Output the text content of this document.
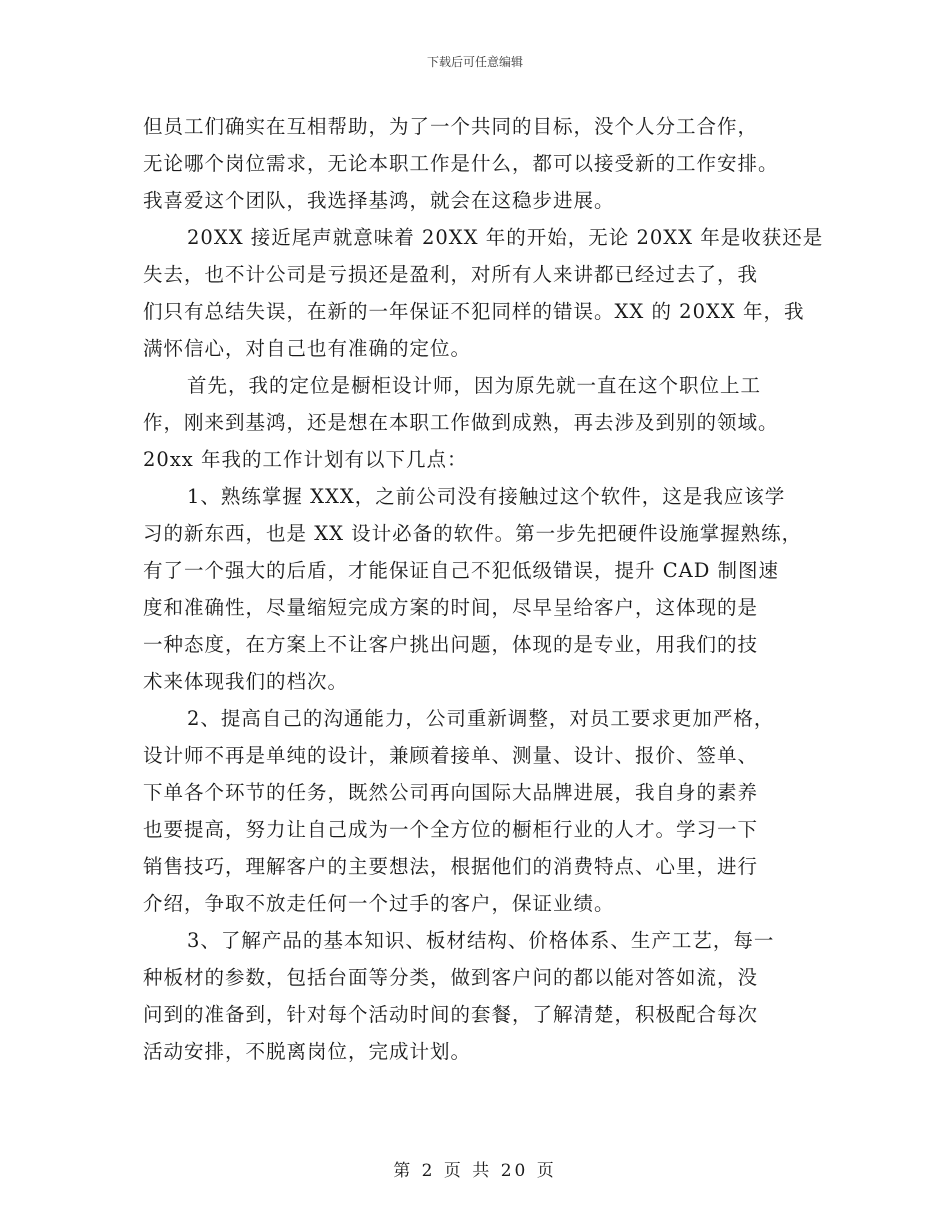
下载后可任意编辑
但员工们确实在互相帮助，为了一个共同的目标，没个人分工合作，
无论哪个岗位需求，无论本职工作是什么，都可以接受新的工作安排。
我喜爱这个团队，我选择基鸿，就会在这稳步进展。
20XX 接近尾声就意味着 20XX 年的开始，无论 20XX 年是收获还是
失去，也不计公司是亏损还是盈利，对所有人来讲都已经过去了，我
们只有总结失误，在新的一年保证不犯同样的错误。XX 的 20XX 年，我
满怀信心，对自己也有准确的定位。
首先，我的定位是橱柜设计师，因为原先就一直在这个职位上工
作，刚来到基鸿，还是想在本职工作做到成熟，再去涉及到别的领域。
20xx 年我的工作计划有以下几点：
1、熟练掌握 XXX，之前公司没有接触过这个软件，这是我应该学
习的新东西，也是 XX 设计必备的软件。第一步先把硬件设施掌握熟练，
有了一个强大的后盾，才能保证自己不犯低级错误，提升 CAD 制图速
度和准确性，尽量缩短完成方案的时间，尽早呈给客户，这体现的是
一种态度，在方案上不让客户挑出问题，体现的是专业，用我们的技
术来体现我们的档次。
2、提高自己的沟通能力，公司重新调整，对员工要求更加严格，
设计师不再是单纯的设计，兼顾着接单、测量、设计、报价、签单、
下单各个环节的任务，既然公司再向国际大品牌进展，我自身的素养
也要提高，努力让自己成为一个全方位的橱柜行业的人才。学习一下
销售技巧，理解客户的主要想法，根据他们的消费特点、心里，进行
介绍，争取不放走任何一个过手的客户，保证业绩。
3、了解产品的基本知识、板材结构、价格体系、生产工艺，每一
种板材的参数，包括台面等分类，做到客户问的都以能对答如流，没
问到的准备到，针对每个活动时间的套餐，了解清楚，积极配合每次
活动安排，不脱离岗位，完成计划。
第 2 页 共 20 页
